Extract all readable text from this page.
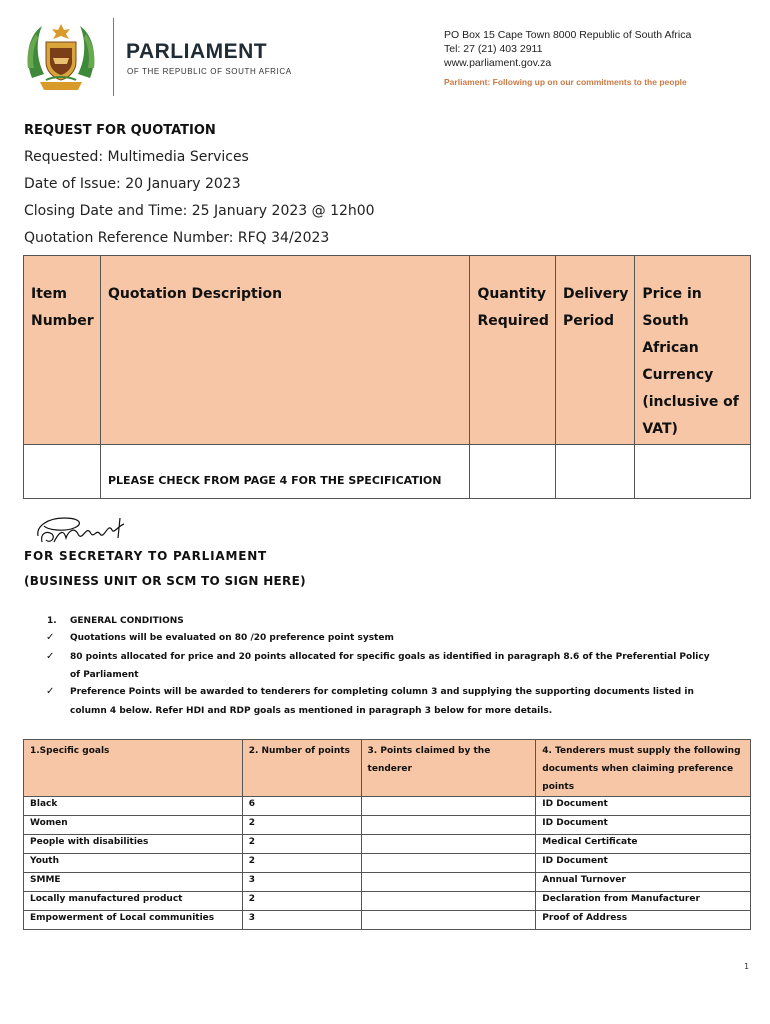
PARLIAMENT
OF THE REPUBLIC OF SOUTH AFRICA
PO Box 15 Cape Town 8000 Republic of South Africa
Tel: 27 (21) 403 2911
www.parliament.gov.za
Parliament: Following up on our commitments to the people
REQUEST FOR QUOTATION
Requested: Multimedia Services
Date of Issue: 20 January 2023
Closing Date and Time: 25 January 2023 @ 12h00
Quotation Reference Number: RFQ 34/2023
Item Number	Quotation Description	Quantity Required	Delivery Period	Price in South African Currency (inclusive of VAT)
	PLEASE CHECK FROM PAGE 4 FOR THE SPECIFICATION			
FOR SECRETARY TO PARLIAMENT
(BUSINESS UNIT OR SCM TO SIGN HERE)
1. GENERAL CONDITIONS
✓ Quotations will be evaluated on 80 /20 preference point system
✓ 80 points allocated for price and 20 points allocated for specific goals as identified in paragraph 8.6 of the Preferential Policy
of Parliament
✓ Preference Points will be awarded to tenderers for completing column 3 and supplying the supporting documents listed in
column 4 below. Refer HDI and RDP goals as mentioned in paragraph 3 below for more details.
1.Specific goals	2. Number of points	3. Points claimed by the tenderer	4. Tenderers must supply the following documents when claiming preference points
Black	6		ID Document
Women	2		ID Document
People with disabilities	2		Medical Certificate
Youth	2		ID Document
SMME	3		Annual Turnover
Locally manufactured product	2		Declaration from Manufacturer
Empowerment of Local communities	3		Proof of Address
1
